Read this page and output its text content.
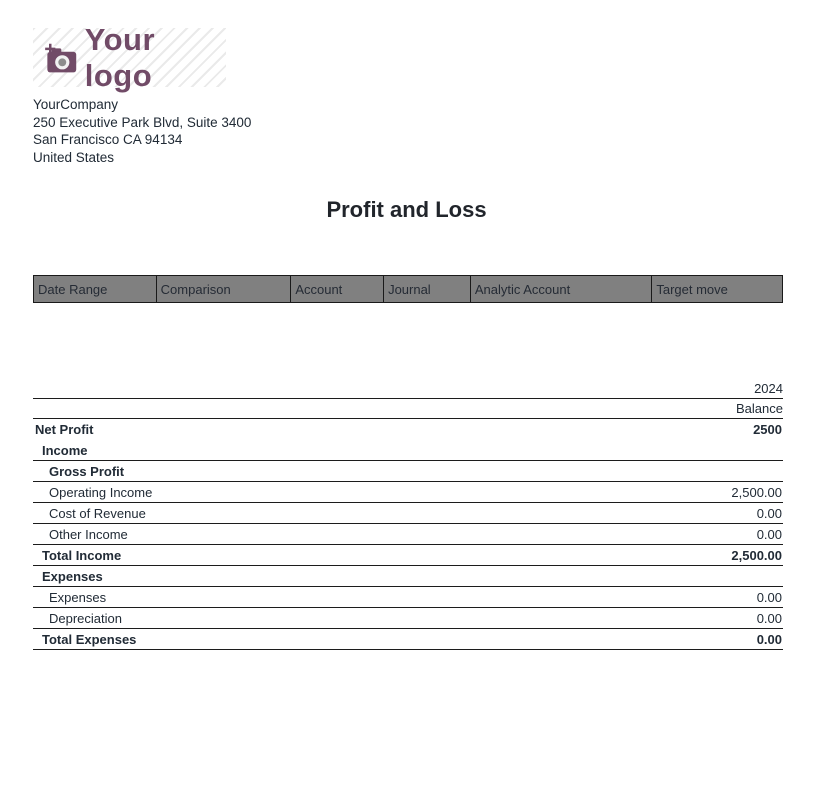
Your logo
YourCompany
250 Executive Park Blvd, Suite 3400
San Francisco CA 94134
United States
Profit and Loss
Date Range	Comparison	Account	Journal	Analytic Account	Target move
2024
Balance
Net Profit	2500
Income
Gross Profit
Operating Income	2,500.00
Cost of Revenue	0.00
Other Income	0.00
Total Income	2,500.00
Expenses
Expenses	0.00
Depreciation	0.00
Total Expenses	0.00
